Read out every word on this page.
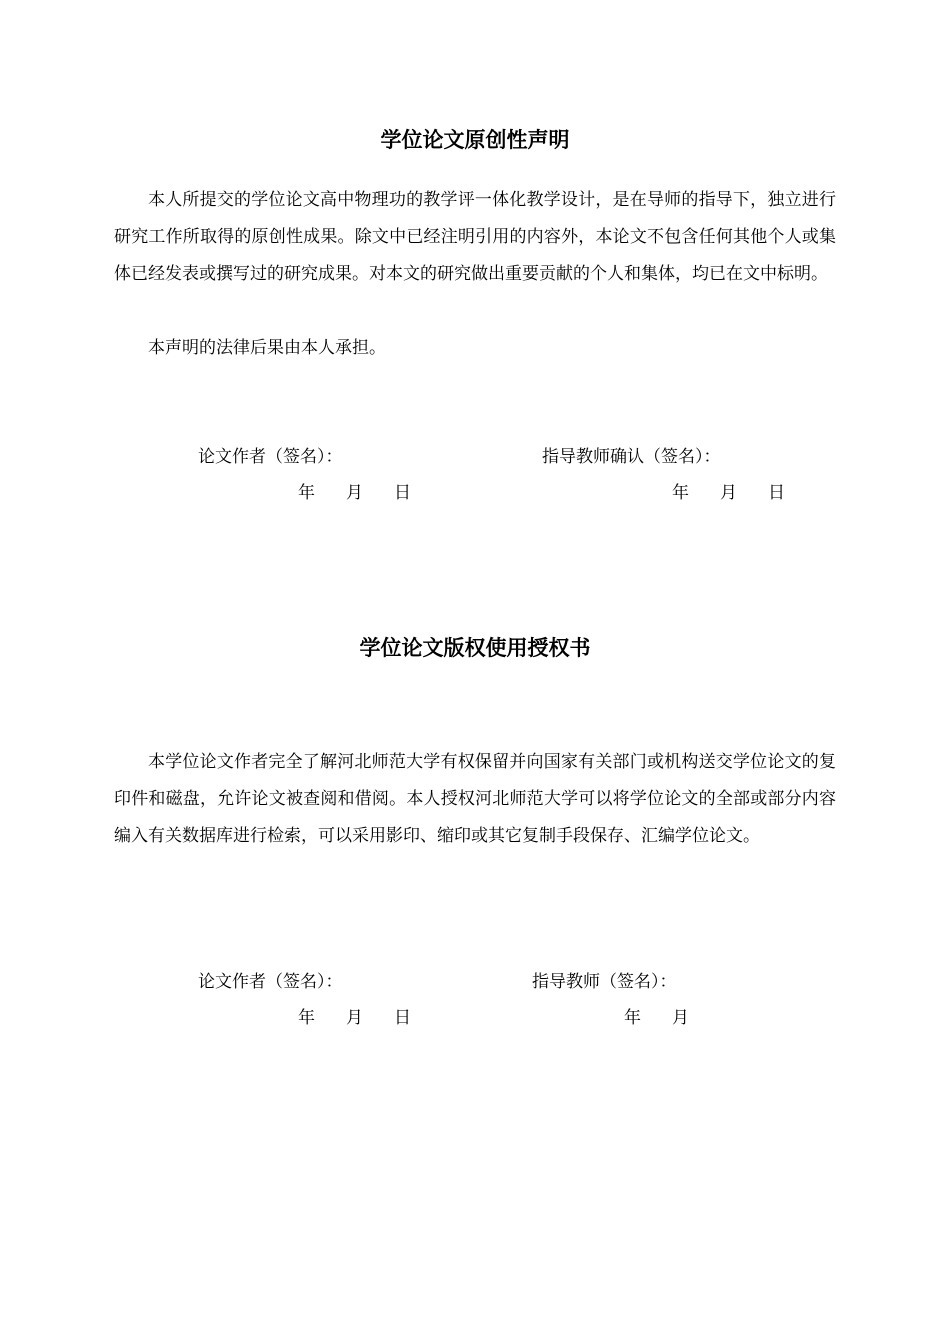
学位论文原创性声明

本人所提交的学位论文高中物理功的教学评一体化教学设计，是在导师的指导下，独立进行研究工作所取得的原创性成果。除文中已经注明引用的内容外，本论文不包含任何其他个人或集体已经发表或撰写过的研究成果。对本文的研究做出重要贡献的个人和集体，均已在文中标明。

本声明的法律后果由本人承担。

论文作者（签名）：	指导教师确认（签名）：

年 月 日	年 月 日
学位论文版权使用授权书

本学位论文作者完全了解河北师范大学有权保留并向国家有关部门或机构送交学位论文的复印件和磁盘，允许论文被查阅和借阅。本人授权河北师范大学可以将学位论文的全部或部分内容编入有关数据库进行检索，可以采用影印、缩印或其它复制手段保存、汇编学位论文。

论文作者（签名）：	指导教师（签名）：

年 月 日	年 月
